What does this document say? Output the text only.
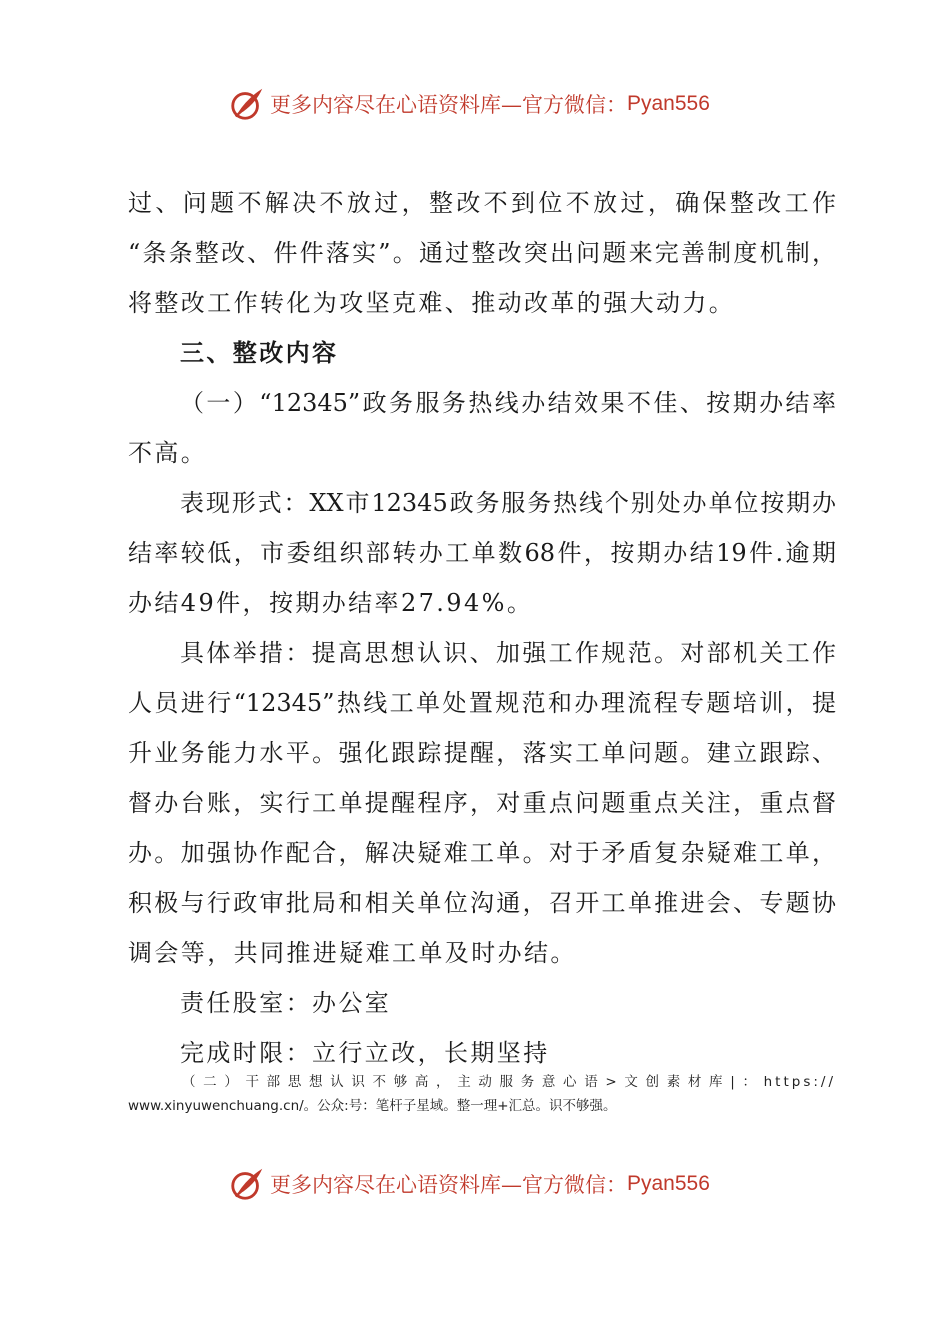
更多内容尽在心语资料库—官方微信： Pyan556
过、问题不解决不放过，整改不到位不放过，确保整改工作
“条条整改、件件落实”。通过整改突出问题来完善制度机制，
将整改工作转化为攻坚克难、推动改革的强大动力。
三、整改内容
（一）“12345”政务服务热线办结效果不佳、按期办结率
不高。
表现形式：XX市12345政务服务热线个别处办单位按期办
结率较低，市委组织部转办工单数68件，按期办结19件.逾期
办结49件，按期办结率27.94%。
具体举措：提高思想认识、加强工作规范。对部机关工作
人员进行“12345”热线工单处置规范和办理流程专题培训，提
升业务能力水平。强化跟踪提醒，落实工单问题。建立跟踪、
督办台账，实行工单提醒程序，对重点问题重点关注，重点督
办。加强协作配合，解决疑难工单。对于矛盾复杂疑难工单，
积极与行政审批局和相关单位沟通，召开工单推进会、专题协
调会等，共同推进疑难工单及时办结。
责任股室：办公室
完成时限：立行立改，长期坚持
（二）干部思想认识不够高，主动服务意心语>文创素材库|：https://
www.xinyuwenchuang.cn/。公众:号：笔杆子星域。整一理+汇总。识不够强。
更多内容尽在心语资料库—官方微信： Pyan556
